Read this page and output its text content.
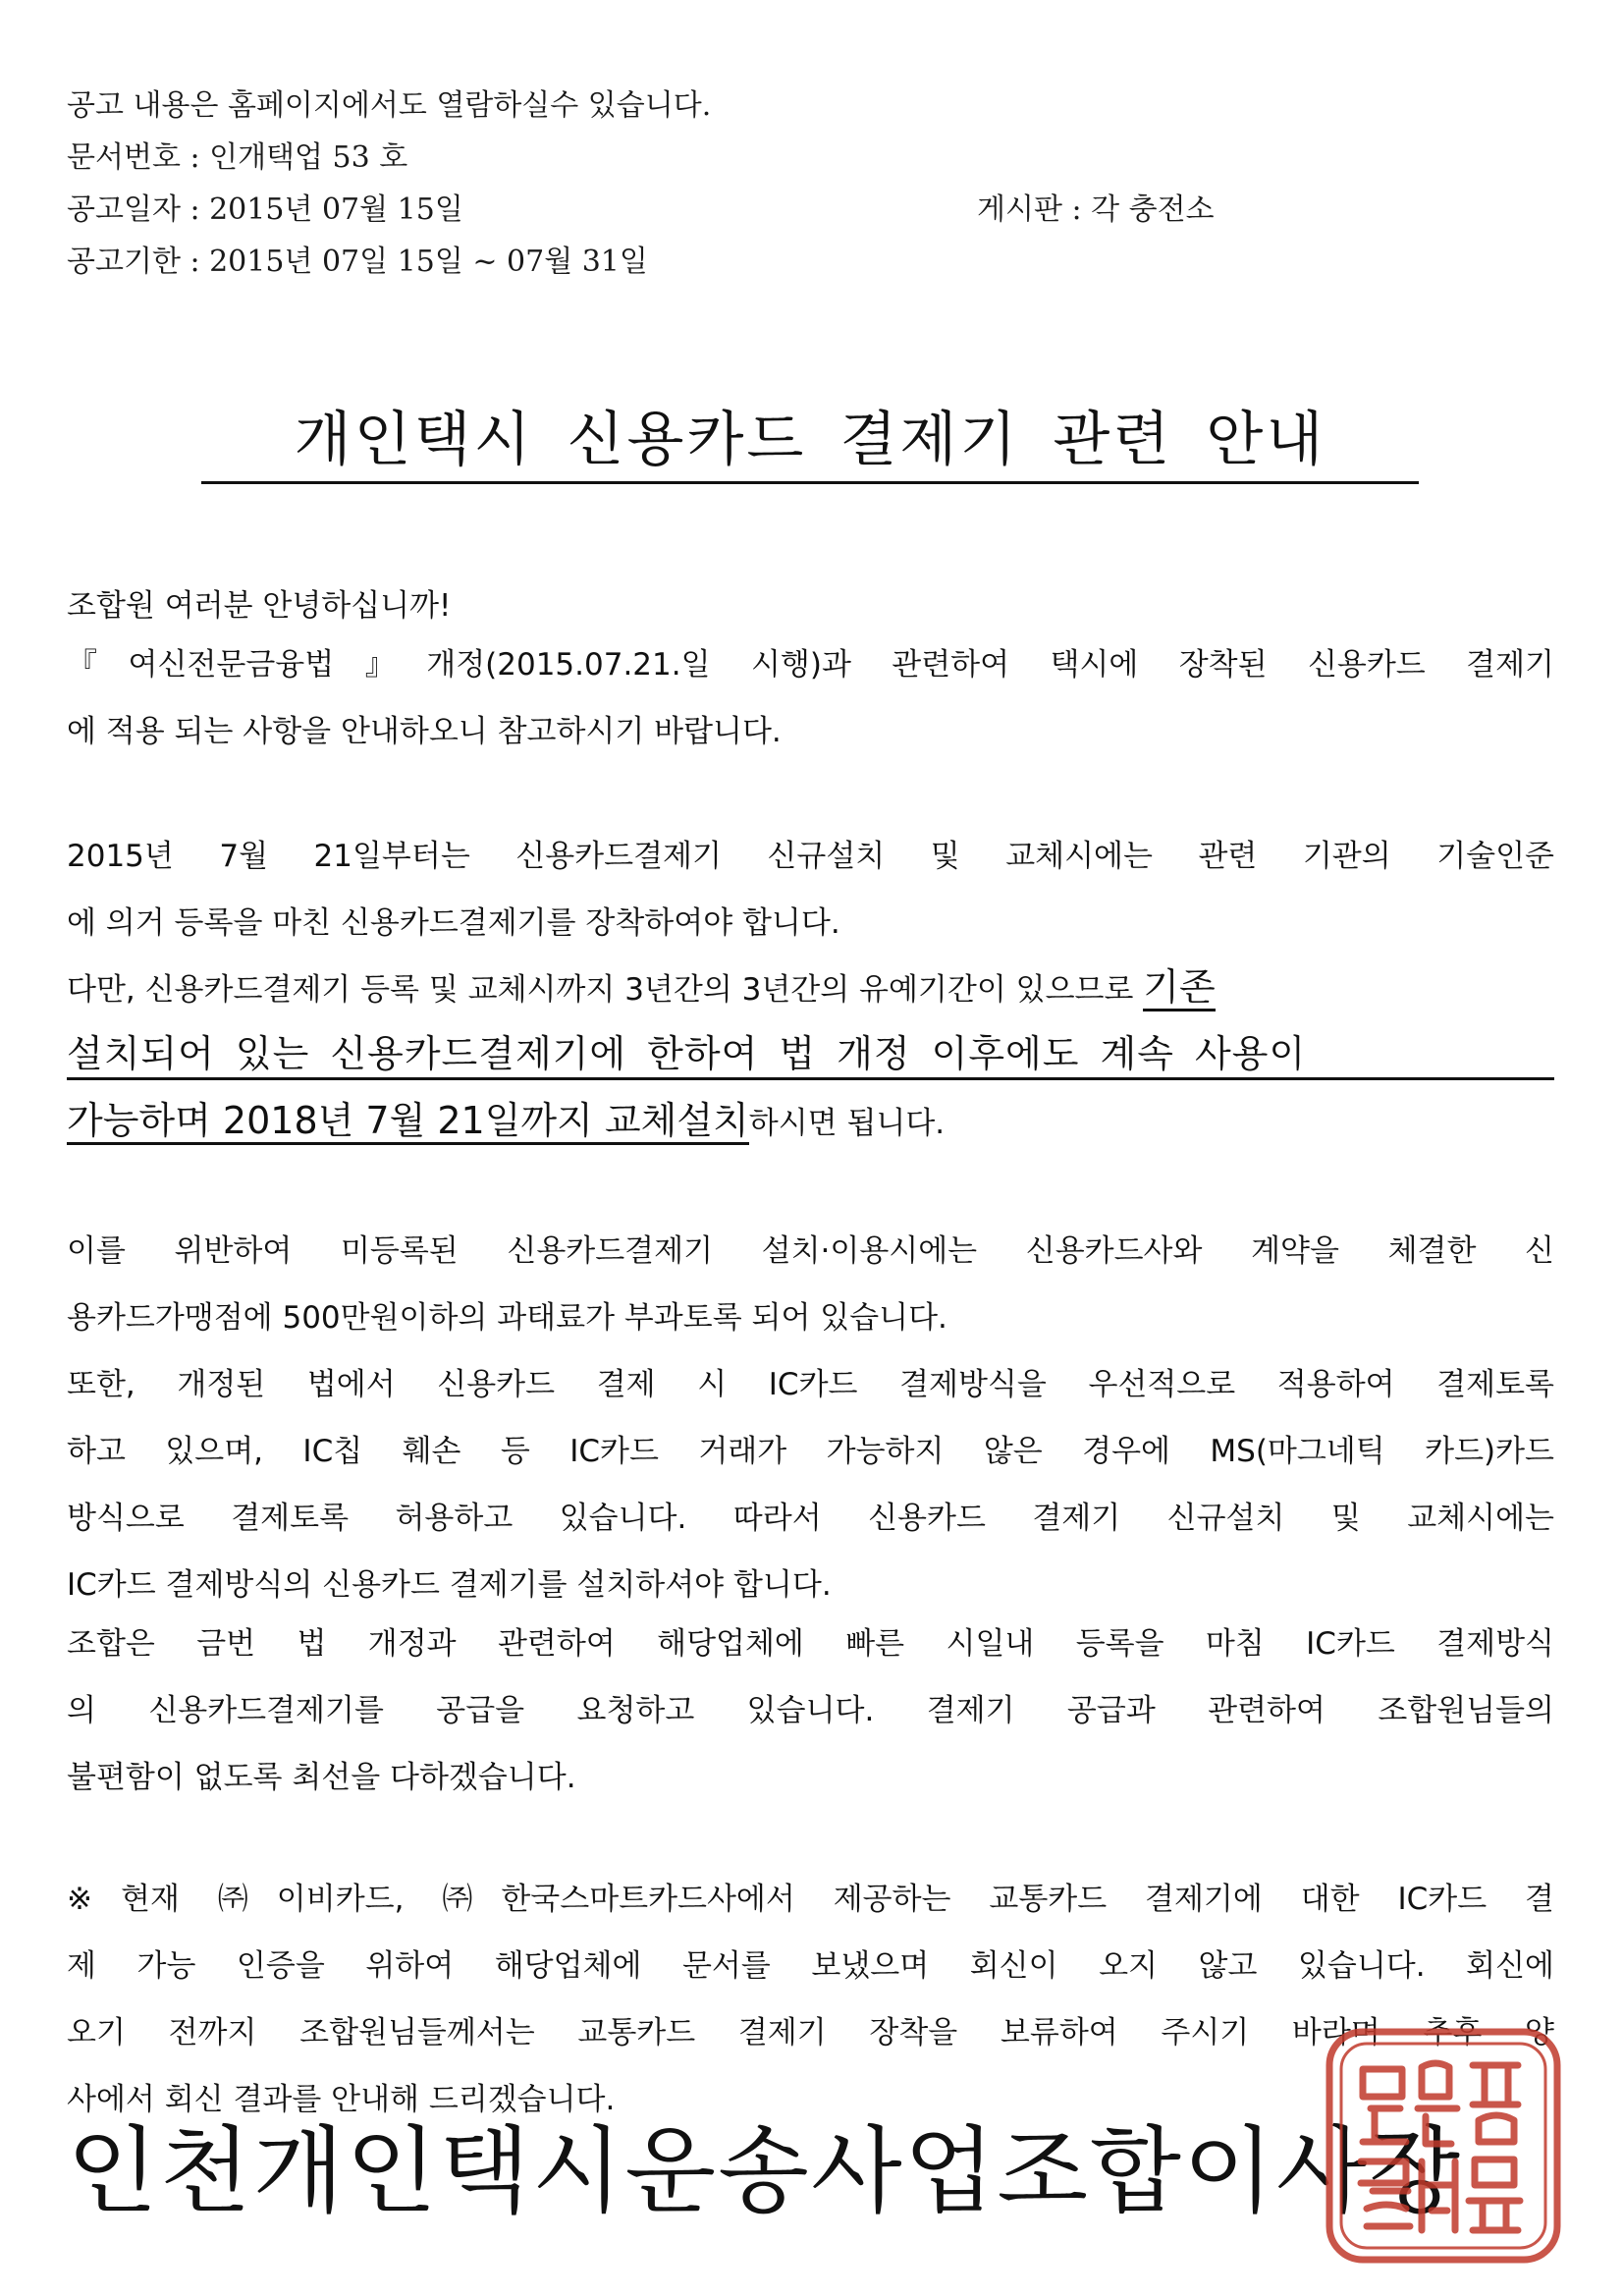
공고 내용은 홈페이지에서도 열람하실수 있습니다.
문서번호 : 인개택업 53 호
공고일자 : 2015년 07월 15일	게시판 : 각 충전소
공고기한 : 2015년 07일 15일 ~ 07월 31일
개인택시 신용카드 결제기 관련 안내
조합원 여러분 안녕하십니까!
『여신전문금융법』개정(2015.07.21.일 시행)과 관련하여 택시에 장착된 신용카드 결제기
에 적용 되는 사항을 안내하오니 참고하시기 바랍니다.
2015년 7월 21일부터는 신용카드결제기 신규설치 및 교체시에는 관련 기관의 기술인준
에 의거 등록을 마친 신용카드결제기를 장착하여야 합니다.
다만, 신용카드결제기 등록 및 교체시까지 3년간의 3년간의 유예기간이 있으므로 기존
설치되어 있는 신용카드결제기에 한하여 법 개정 이후에도 계속 사용이
가능하며 2018년 7월 21일까지 교체설치하시면 됩니다.
이를 위반하여 미등록된 신용카드결제기 설치·이용시에는 신용카드사와 계약을 체결한 신
용카드가맹점에 500만원이하의 과태료가 부과토록 되어 있습니다.
또한, 개정된 법에서 신용카드 결제 시 IC카드 결제방식을 우선적으로 적용하여 결제토록
하고 있으며, IC칩 훼손 등 IC카드 거래가 가능하지 않은 경우에 MS(마그네틱 카드)카드
방식으로 결제토록 허용하고 있습니다. 따라서 신용카드 결제기 신규설치 및 교체시에는
IC카드 결제방식의 신용카드 결제기를 설치하셔야 합니다.
조합은 금번 법 개정과 관련하여 해당업체에 빠른 시일내 등록을 마침 IC카드 결제방식
의 신용카드결제기를 공급을 요청하고 있습니다. 결제기 공급과 관련하여 조합원님들의
불편함이 없도록 최선을 다하겠습니다.
※현재 ㈜이비카드, ㈜한국스마트카드사에서 제공하는 교통카드 결제기에 대한 IC카드 결
제 가능 인증을 위하여 해당업체에 문서를 보냈으며 회신이 오지 않고 있습니다. 회신에
오기 전까지 조합원님들께서는 교통카드 결제기 장착을 보류하여 주시기 바라며 추후 양
사에서 회신 결과를 안내해 드리겠습니다.
인천개인택시운송사업조합이사장
